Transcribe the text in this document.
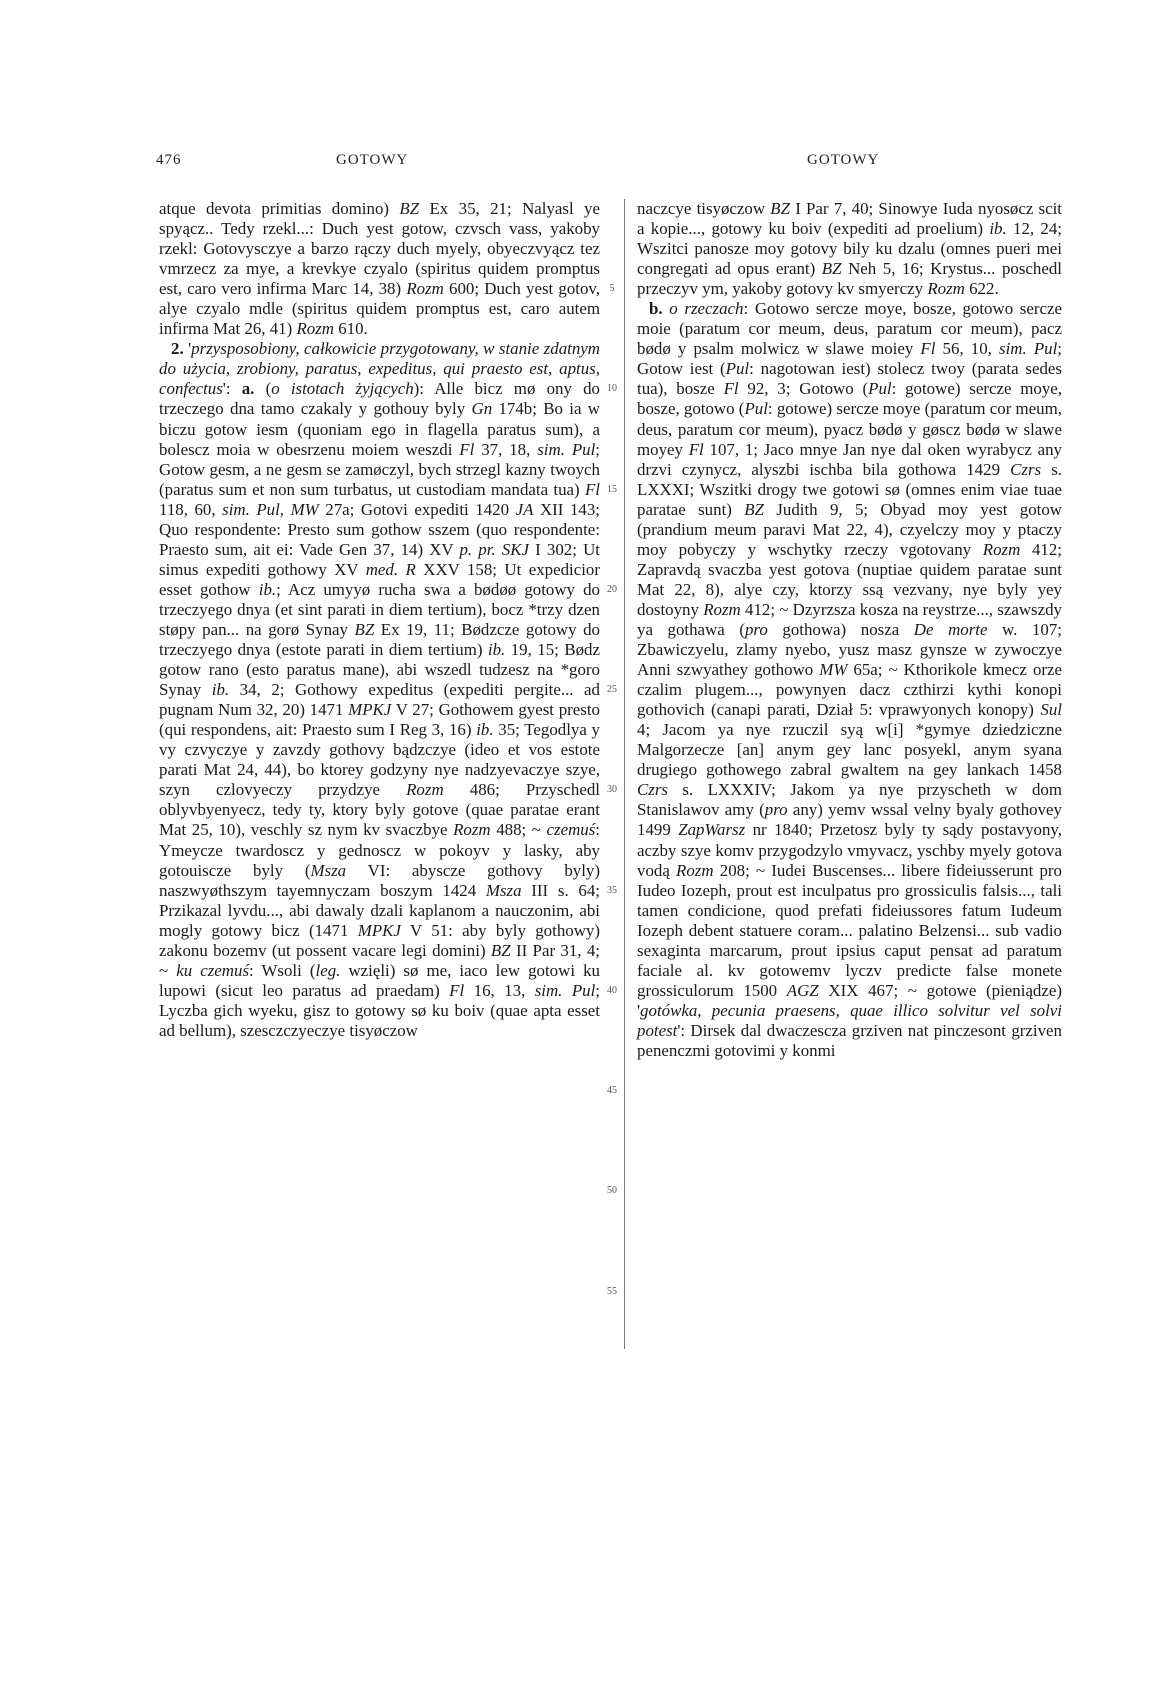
476	GOTOWY	GOTOWY

atque devota primitias domino) BZ Ex 35, 21; Nalyasl ye spyącz.. Tedy rzekl...: Duch yest gotow, czvsch vass, yakoby rzekl: Gotovysczye a barzo rączy duch myely, obyeczvyącz tez vmrzecz za mye, a krevkye czyalo (spiritus quidem promptus est, caro vero infirma Marc 14, 38) Rozm 600; Duch yest gotov, alye czyalo mdle (spiritus quidem promptus est, caro autem infirma Mat 26, 41) Rozm 610.

2. 'przysposobiony, całkowicie przygotowany, w stanie zdatnym do użycia, zrobiony, paratus, expeditus, qui praesto est, aptus, confectus': a. (o istotach żyjących): Alle bicz mø ony do trzeczego dna tamo czakaly y gothouy byly Gn 174b; Bo ia w biczu gotow iesm (quoniam ego in flagella paratus sum), a bolescz moia w obesrzenu moiem weszdi Fl 37, 18, sim. Pul; Gotow gesm, a ne gesm se zamøczyl, bych strzegl kazny twoych (paratus sum et non sum turbatus, ut custodiam mandata tua) Fl 118, 60, sim. Pul, MW 27a; Gotovi expediti 1420 JA XII 143; Quo respondente: Presto sum gothow sszem (quo respondente: Praesto sum, ait ei: Vade Gen 37, 14) XV p. pr. SKJ I 302; Ut simus expediti gothowy XV med. R XXV 158; Ut expedicior esset gothow ib.; Acz umyyø rucha swa a bødøø gotowy do trzeczyego dnya (et sint parati in diem tertium), bocz *trzy dzen støpy pan... na gorø Synay BZ Ex 19, 11; Bødzcze gotowy do trzeczyego dnya (estote parati in diem tertium) ib. 19, 15; Bødz gotow rano (esto paratus mane), abi wszedl tudzesz na *goro Synay ib. 34, 2; Gothowy expeditus (expediti pergite... ad pugnam Num 32, 20) 1471 MPKJ V 27; Gothowem gyest presto (qui respondens, ait: Praesto sum I Reg 3, 16) ib. 35; Tegodlya y vy czvyczye y zavzdy gothovy bądzczye (ideo et vos estote parati Mat 24, 44), bo ktorey godzyny nye nadzyevaczye szye, szyn czlovyeczy przydzye Rozm 486; Przyschedl oblyvbyenyecz, tedy ty, ktory byly gotove (quae paratae erant Mat 25, 10), veschly sz nym kv svaczbye Rozm 488; ~ czemuś: Ymeycze twardoscz y gednoscz w pokoyv y lasky, aby gotouiscze byly (Msza VI: abyscze gothovy byly) naszwyøthszym tayemnyczam boszym 1424 Msza III s. 64; Przikazal lyvdu..., abi dawaly dzali kaplanom a nauczonim, abi mogly gotowy bicz (1471 MPKJ V 51: aby byly gothowy) zakonu bozemv (ut possent vacare legi domini) BZ II Par 31, 4; ~ ku czemuś: Wsoli (leg. wzięli) sø me, iaco lew gotowi ku lupowi (sicut leo paratus ad praedam) Fl 16, 13, sim. Pul; Lyczba gich wyeku, gisz to gotowy sø ku boiv (quae apta esset ad bellum), szesczczyeczye tisyøczow

5
10
15
20
25
30
35
40
45
50
55

naczcye tisyøczow BZ I Par 7, 40; Sinowye Iuda nyosøcz scit a kopie..., gotowy ku boiv (expediti ad proelium) ib. 12, 24; Wszitci panosze moy gotovy bily ku dzalu (omnes pueri mei congregati ad opus erant) BZ Neh 5, 16; Krystus... poschedl przeczyv ym, yakoby gotovy kv smyerczy Rozm 622.

b. o rzeczach: Gotowo sercze moye, bosze, gotowo sercze moie (paratum cor meum, deus, paratum cor meum), pacz bødø y psalm molwicz w slawe moiey Fl 56, 10, sim. Pul; Gotow iest (Pul: nagotowan iest) stolecz twoy (parata sedes tua), bosze Fl 92, 3; Gotowo (Pul: gotowe) sercze moye, bosze, gotowo (Pul: gotowe) sercze moye (paratum cor meum, deus, paratum cor meum), pyacz bødø y gøscz bødø w slawe moyey Fl 107, 1; Jaco mnye Jan nye dal oken wyrabycz any drzvi czynycz, alyszbi ischba bila gothowa 1429 Czrs s. LXXXI; Wszitki drogy twe gotowi sø (omnes enim viae tuae paratae sunt) BZ Judith 9, 5; Obyad moy yest gotow (prandium meum paravi Mat 22, 4), czyelczy moy y ptaczy moy pobyczy y wschytky rzeczy vgotovany Rozm 412; Zapravdą svaczba yest gotova (nuptiae quidem paratae sunt Mat 22, 8), alye czy, ktorzy ssą vezvany, nye byly yey dostoyny Rozm 412; ~ Dzyrzsza kosza na reystrze..., szawszdy ya gothawa (pro gothowa) nosza De morte w. 107; Zbawiczyelu, zlamy nyebo, yusz masz gynsze w zywoczye Anni szwyathey gothowo MW 65a; ~ Kthorikole kmecz orze czalim plugem..., powynyen dacz czthirzi kythi konopi gothovich (canapi parati, Dział 5: vprawyonych konopy) Sul 4; Jacom ya nye rzuczil syą w[i] *gymye dziedziczne Malgorzecze [an] anym gey lanc posyekl, anym syana drugiego gothowego zabral gwaltem na gey lankach 1458 Czrs s. LXXXIV; Jakom ya nye przyscheth w dom Stanislawov amy (pro any) yemv wssal velny byaly gothovey 1499 ZapWarsz nr 1840; Przetosz byly ty sądy postavyony, aczby szye komv przygodzylo vmyvacz, yschby myely gotova vodą Rozm 208; ~ Iudei Buscenses... libere fideiusserunt pro Iudeo Iozeph, prout est inculpatus pro grossiculis falsis..., tali tamen condicione, quod prefati fideiussores fatum Iudeum Iozeph debent statuere coram... palatino Belzensi... sub vadio sexaginta marcarum, prout ipsius caput pensat ad paratum faciale al. kv gotowemv lyczv predicte false monete grossiculorum 1500 AGZ XIX 467; ~ gotowe (pieniądze) 'gotówka, pecunia praesens, quae illico solvitur vel solvi potest': Dirsek dal dwaczescza grziven nat pinczesont grziven penenczmi gotovimi y konmi
